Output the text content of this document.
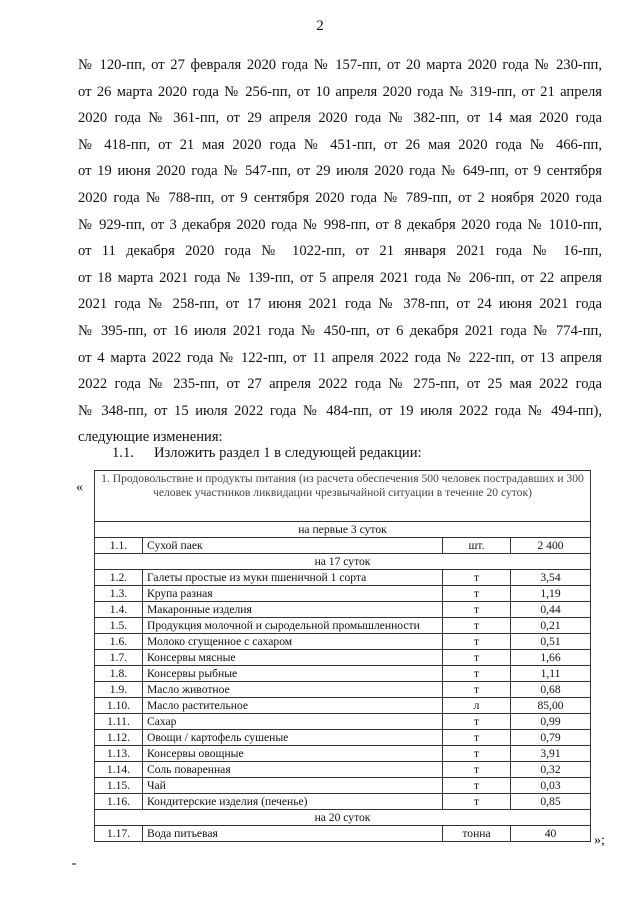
2
№ 120-пп, от 27 февраля 2020 года № 157-пп, от 20 марта 2020 года № 230-пп,
от 26 марта 2020 года № 256-пп, от 10 апреля 2020 года № 319-пп, от 21 апреля
2020 года № 361-пп, от 29 апреля 2020 года № 382-пп, от 14 мая 2020 года
№ 418-пп, от 21 мая 2020 года № 451-пп, от 26 мая 2020 года № 466-пп,
от 19 июня 2020 года № 547-пп, от 29 июля 2020 года № 649-пп, от 9 сентября
2020 года № 788-пп, от 9 сентября 2020 года № 789-пп, от 2 ноября 2020 года
№ 929-пп, от 3 декабря 2020 года № 998-пп, от 8 декабря 2020 года № 1010-пп,
от 11 декабря 2020 года № 1022-пп, от 21 января 2021 года № 16-пп,
от 18 марта 2021 года № 139-пп, от 5 апреля 2021 года № 206-пп, от 22 апреля
2021 года № 258-пп, от 17 июня 2021 года № 378-пп, от 24 июня 2021 года
№ 395-пп, от 16 июля 2021 года № 450-пп, от 6 декабря 2021 года № 774-пп,
от 4 марта 2022 года № 122-пп, от 11 апреля 2022 года № 222-пп, от 13 апреля
2022 года № 235-пп, от 27 апреля 2022 года № 275-пп, от 25 мая 2022 года
№ 348-пп, от 15 июля 2022 года № 484-пп, от 19 июля 2022 года № 494-пп),
следующие изменения:
1.1. Изложить раздел 1 в следующей редакции:
«
1. Продовольствие и продукты питания (из расчета обеспечения 500 человек пострадавших и 300 человек участников ликвидации чрезвычайной ситуации в течение 20 суток)			
на первые 3 суток			
1.1.	Сухой паек	шт.	2 400
на 17 суток			
1.2.	Галеты простые из муки пшеничной 1 сорта	т	3,54
1.3.	Крупа разная	т	1,19
1.4.	Макаронные изделия	т	0,44
1.5.	Продукция молочной и сыродельной промышленности	т	0,21
1.6.	Молоко сгущенное с сахаром	т	0,51
1.7.	Консервы мясные	т	1,66
1.8.	Консервы рыбные	т	1,11
1.9.	Масло животное	т	0,68
1.10.	Масло растительное	л	85,00
1.11.	Сахар	т	0,99
1.12.	Овощи / картофель сушеные	т	0,79
1.13.	Консервы овощные	т	3,91
1.14.	Соль поваренная	т	0,32
1.15.	Чай	т	0,03
1.16.	Кондитерские изделия (печенье)	т	0,85
на 20 суток			
1.17.	Вода питьевая	тонна	40	»;
